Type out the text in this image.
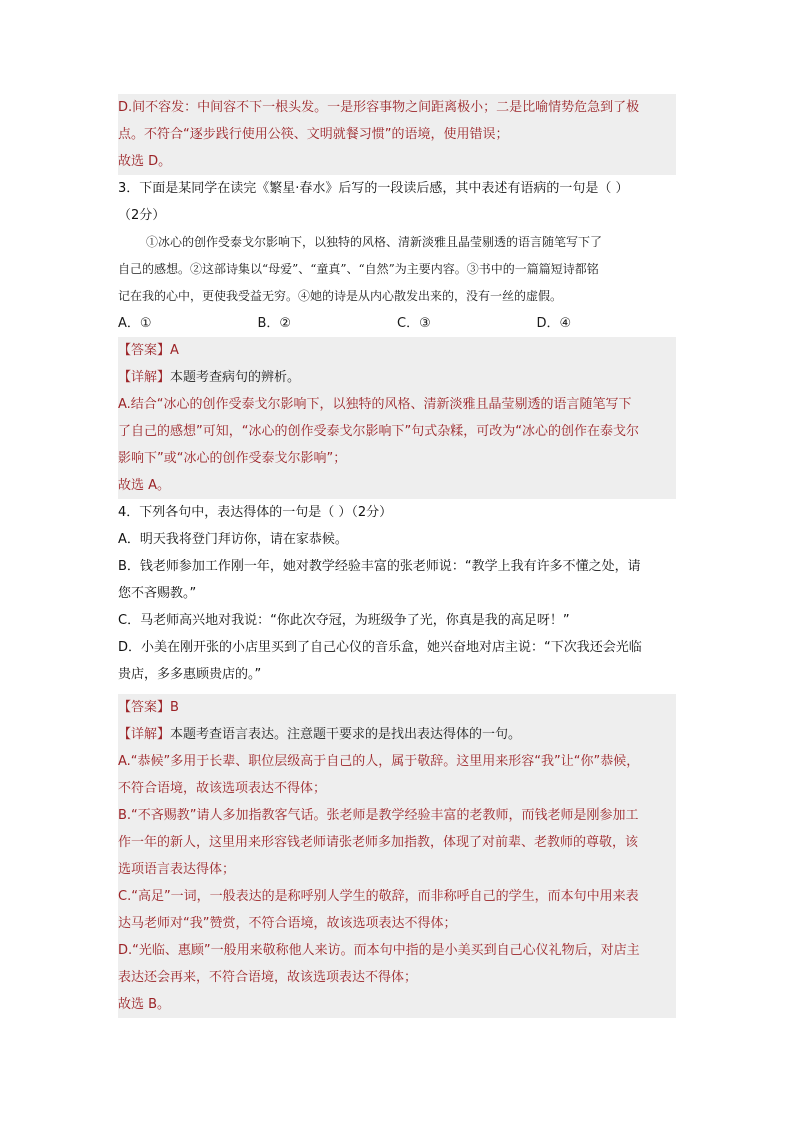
D.间不容发：中间容不下一根头发。一是形容事物之间距离极小；二是比喻情势危急到了极
点。不符合“逐步践行使用公筷、文明就餐习惯”的语境，使用错误；
故选 D。
3．下面是某同学在读完《繁星·春水》后写的一段读后感，其中表述有语病的一句是（ ）
（2分）
①冰心的创作受泰戈尔影响下，以独特的风格、清新淡雅且晶莹剔透的语言随笔写下了
自己的感想。②这部诗集以“母爱”、“童真”、“自然”为主要内容。③书中的一篇篇短诗都铭
记在我的心中，更使我受益无穷。④她的诗是从内心散发出来的，没有一丝的虚假。
A．①	B．②	C．③	D．④
【答案】A
【详解】本题考查病句的辨析。
A.结合“冰心的创作受泰戈尔影响下，以独特的风格、清新淡雅且晶莹剔透的语言随笔写下
了自己的感想”可知，“冰心的创作受泰戈尔影响下”句式杂糅，可改为“冰心的创作在泰戈尔
影响下”或“冰心的创作受泰戈尔影响”；
故选 A。
4．下列各句中，表达得体的一句是（ ）（2分）
A．明天我将登门拜访你，请在家恭候。
B．钱老师参加工作刚一年，她对教学经验丰富的张老师说：“教学上我有许多不懂之处，请
您不吝赐教。”
C．马老师高兴地对我说：“你此次夺冠，为班级争了光，你真是我的高足呀！”
D．小美在刚开张的小店里买到了自己心仪的音乐盒，她兴奋地对店主说：“下次我还会光临
贵店，多多惠顾贵店的。”
【答案】B
【详解】本题考查语言表达。注意题干要求的是找出表达得体的一句。
A.“恭候”多用于长辈、职位层级高于自己的人，属于敬辞。这里用来形容“我”让“你”恭候，
不符合语境，故该选项表达不得体；
B.“不吝赐教”请人多加指教客气话。张老师是教学经验丰富的老教师，而钱老师是刚参加工
作一年的新人，这里用来形容钱老师请张老师多加指教，体现了对前辈、老教师的尊敬，该
选项语言表达得体；
C.“高足”一词，一般表达的是称呼别人学生的敬辞，而非称呼自己的学生，而本句中用来表
达马老师对“我”赞赏，不符合语境，故该选项表达不得体；
D.“光临、惠顾”一般用来敬称他人来访。而本句中指的是小美买到自己心仪礼物后，对店主
表达还会再来，不符合语境，故该选项表达不得体；
故选 B。
